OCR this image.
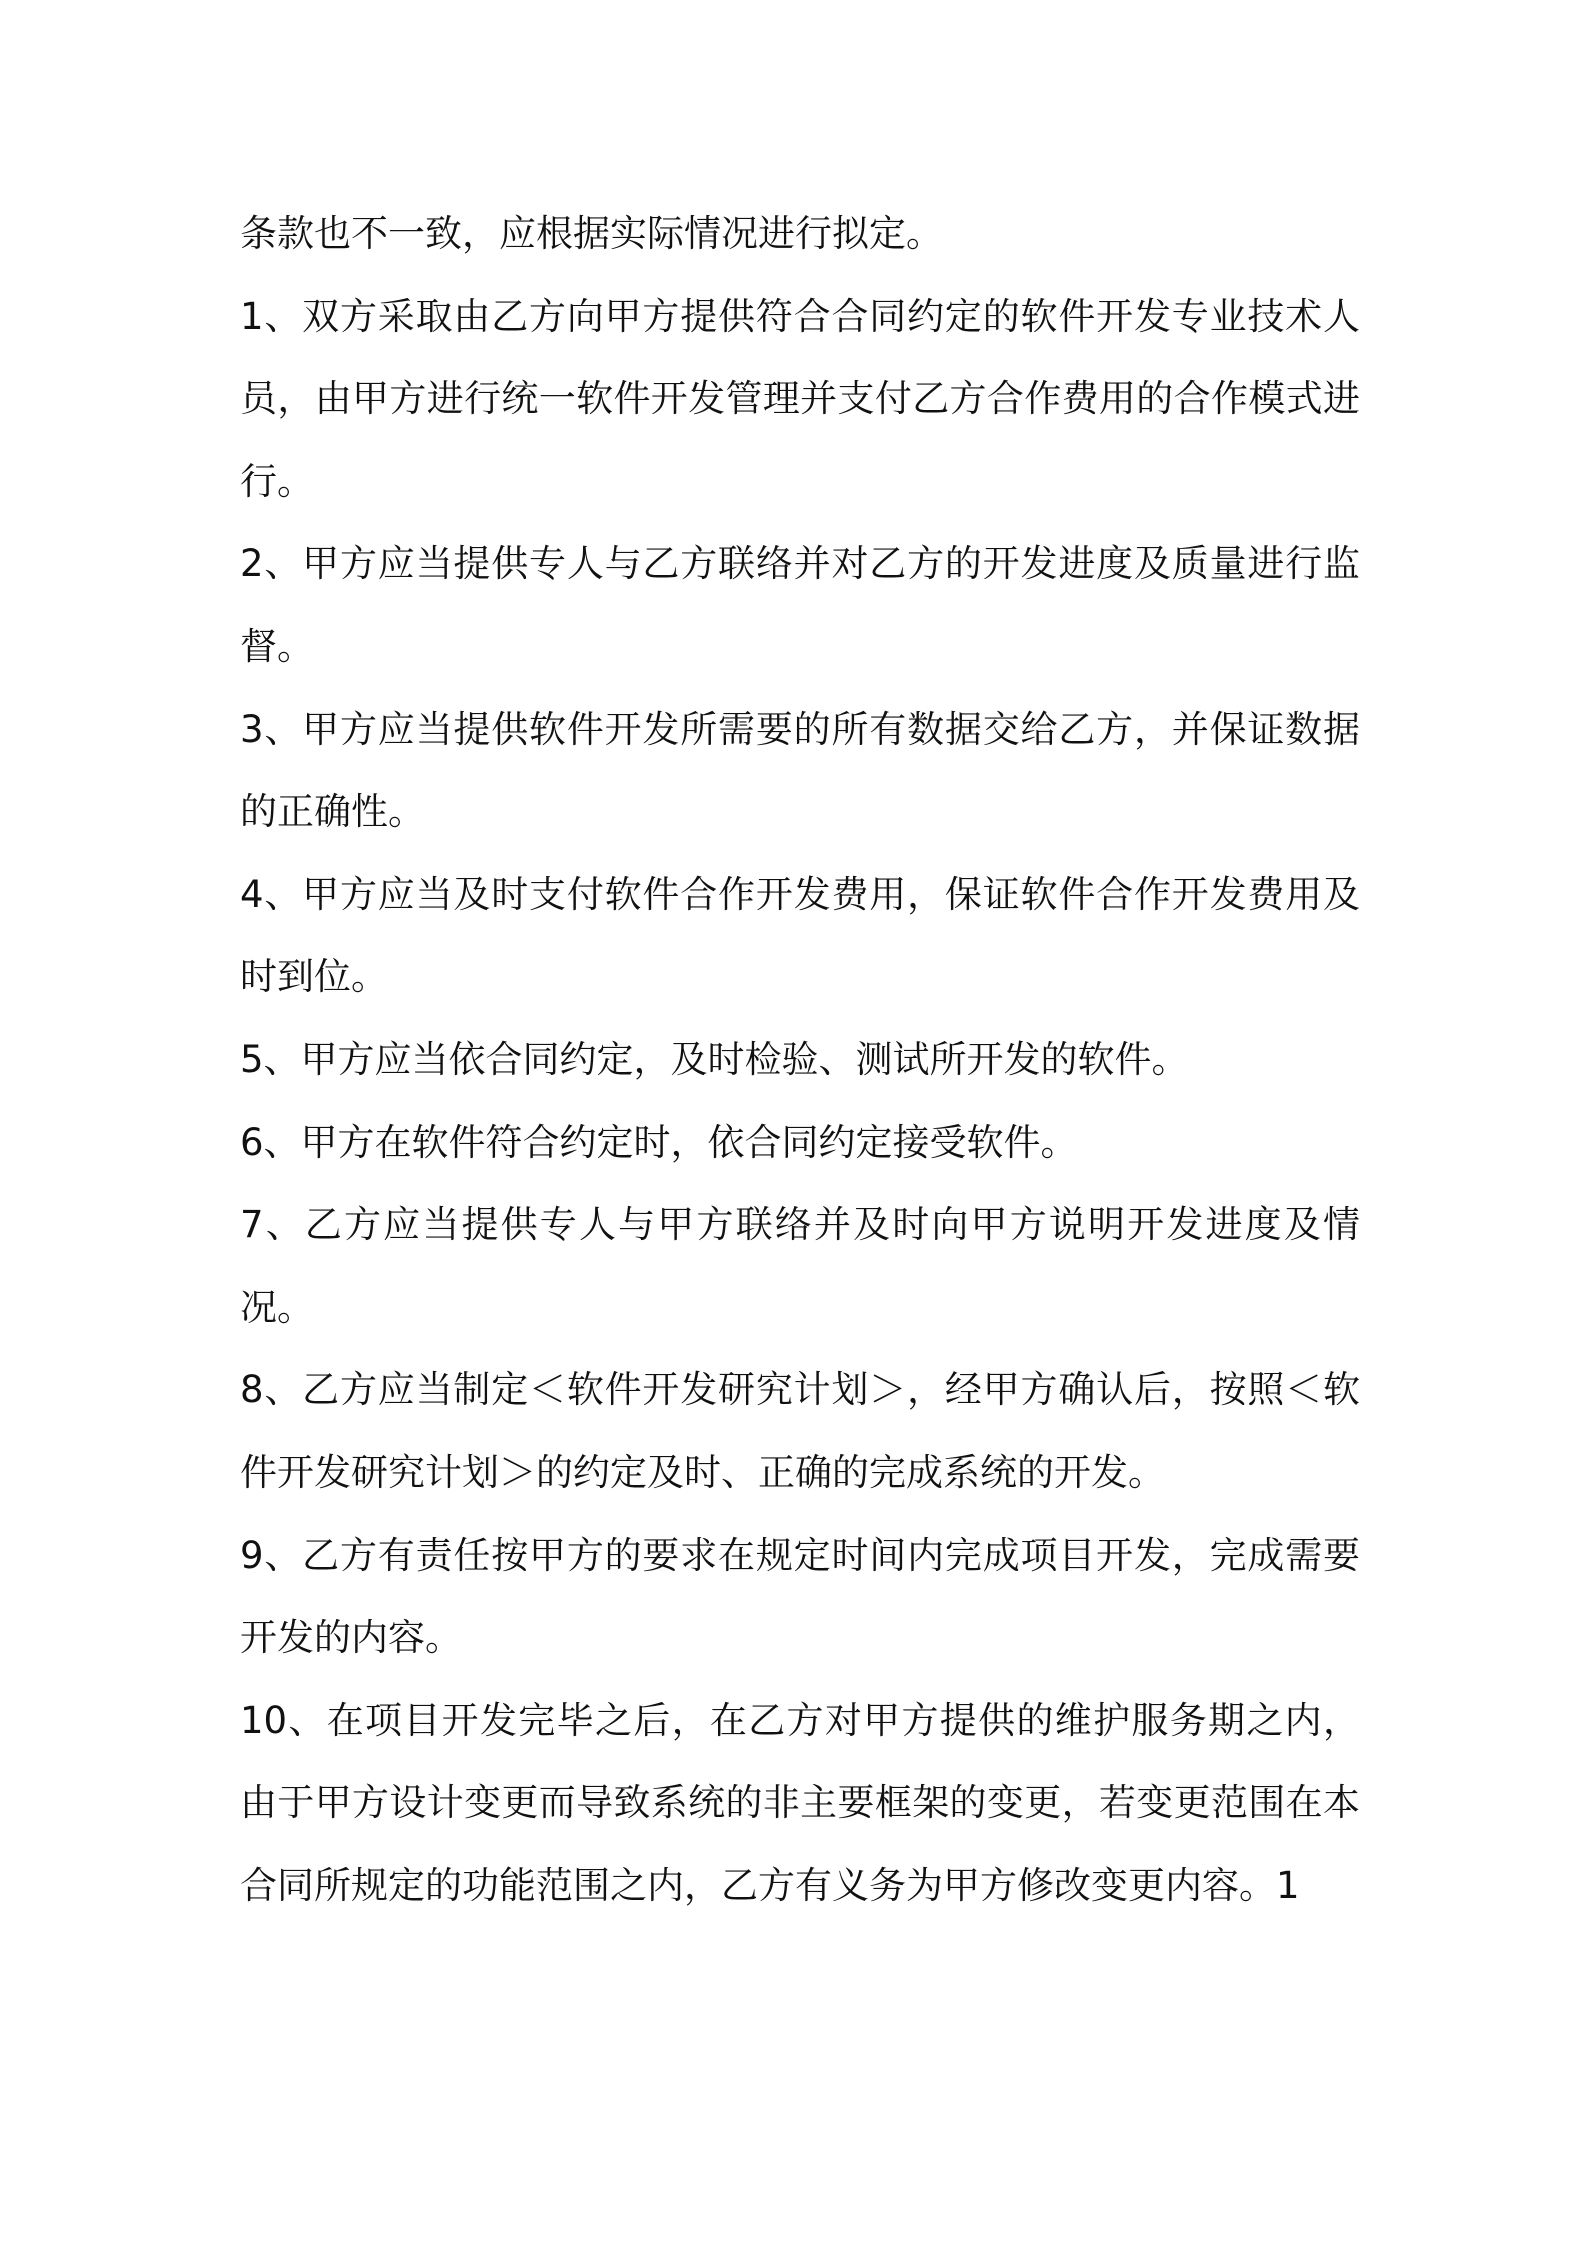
条款也不一致，应根据实际情况进行拟定。

1、双方采取由乙方向甲方提供符合合同约定的软件开发专业技术人员，由甲方进行统一软件开发管理并支付乙方合作费用的合作模式进行。

2、甲方应当提供专人与乙方联络并对乙方的开发进度及质量进行监督。

3、甲方应当提供软件开发所需要的所有数据交给乙方，并保证数据的正确性。

4、甲方应当及时支付软件合作开发费用，保证软件合作开发费用及时到位。

5、甲方应当依合同约定，及时检验、测试所开发的软件。

6、甲方在软件符合约定时，依合同约定接受软件。

7、乙方应当提供专人与甲方联络并及时向甲方说明开发进度及情况。

8、乙方应当制定＜软件开发研究计划＞，经甲方确认后，按照＜软件开发研究计划＞的约定及时、正确的完成系统的开发。

9、乙方有责任按甲方的要求在规定时间内完成项目开发，完成需要开发的内容。

10、在项目开发完毕之后，在乙方对甲方提供的维护服务期之内，由于甲方设计变更而导致系统的非主要框架的变更，若变更范围在本合同所规定的功能范围之内，乙方有义务为甲方修改变更内容。1
